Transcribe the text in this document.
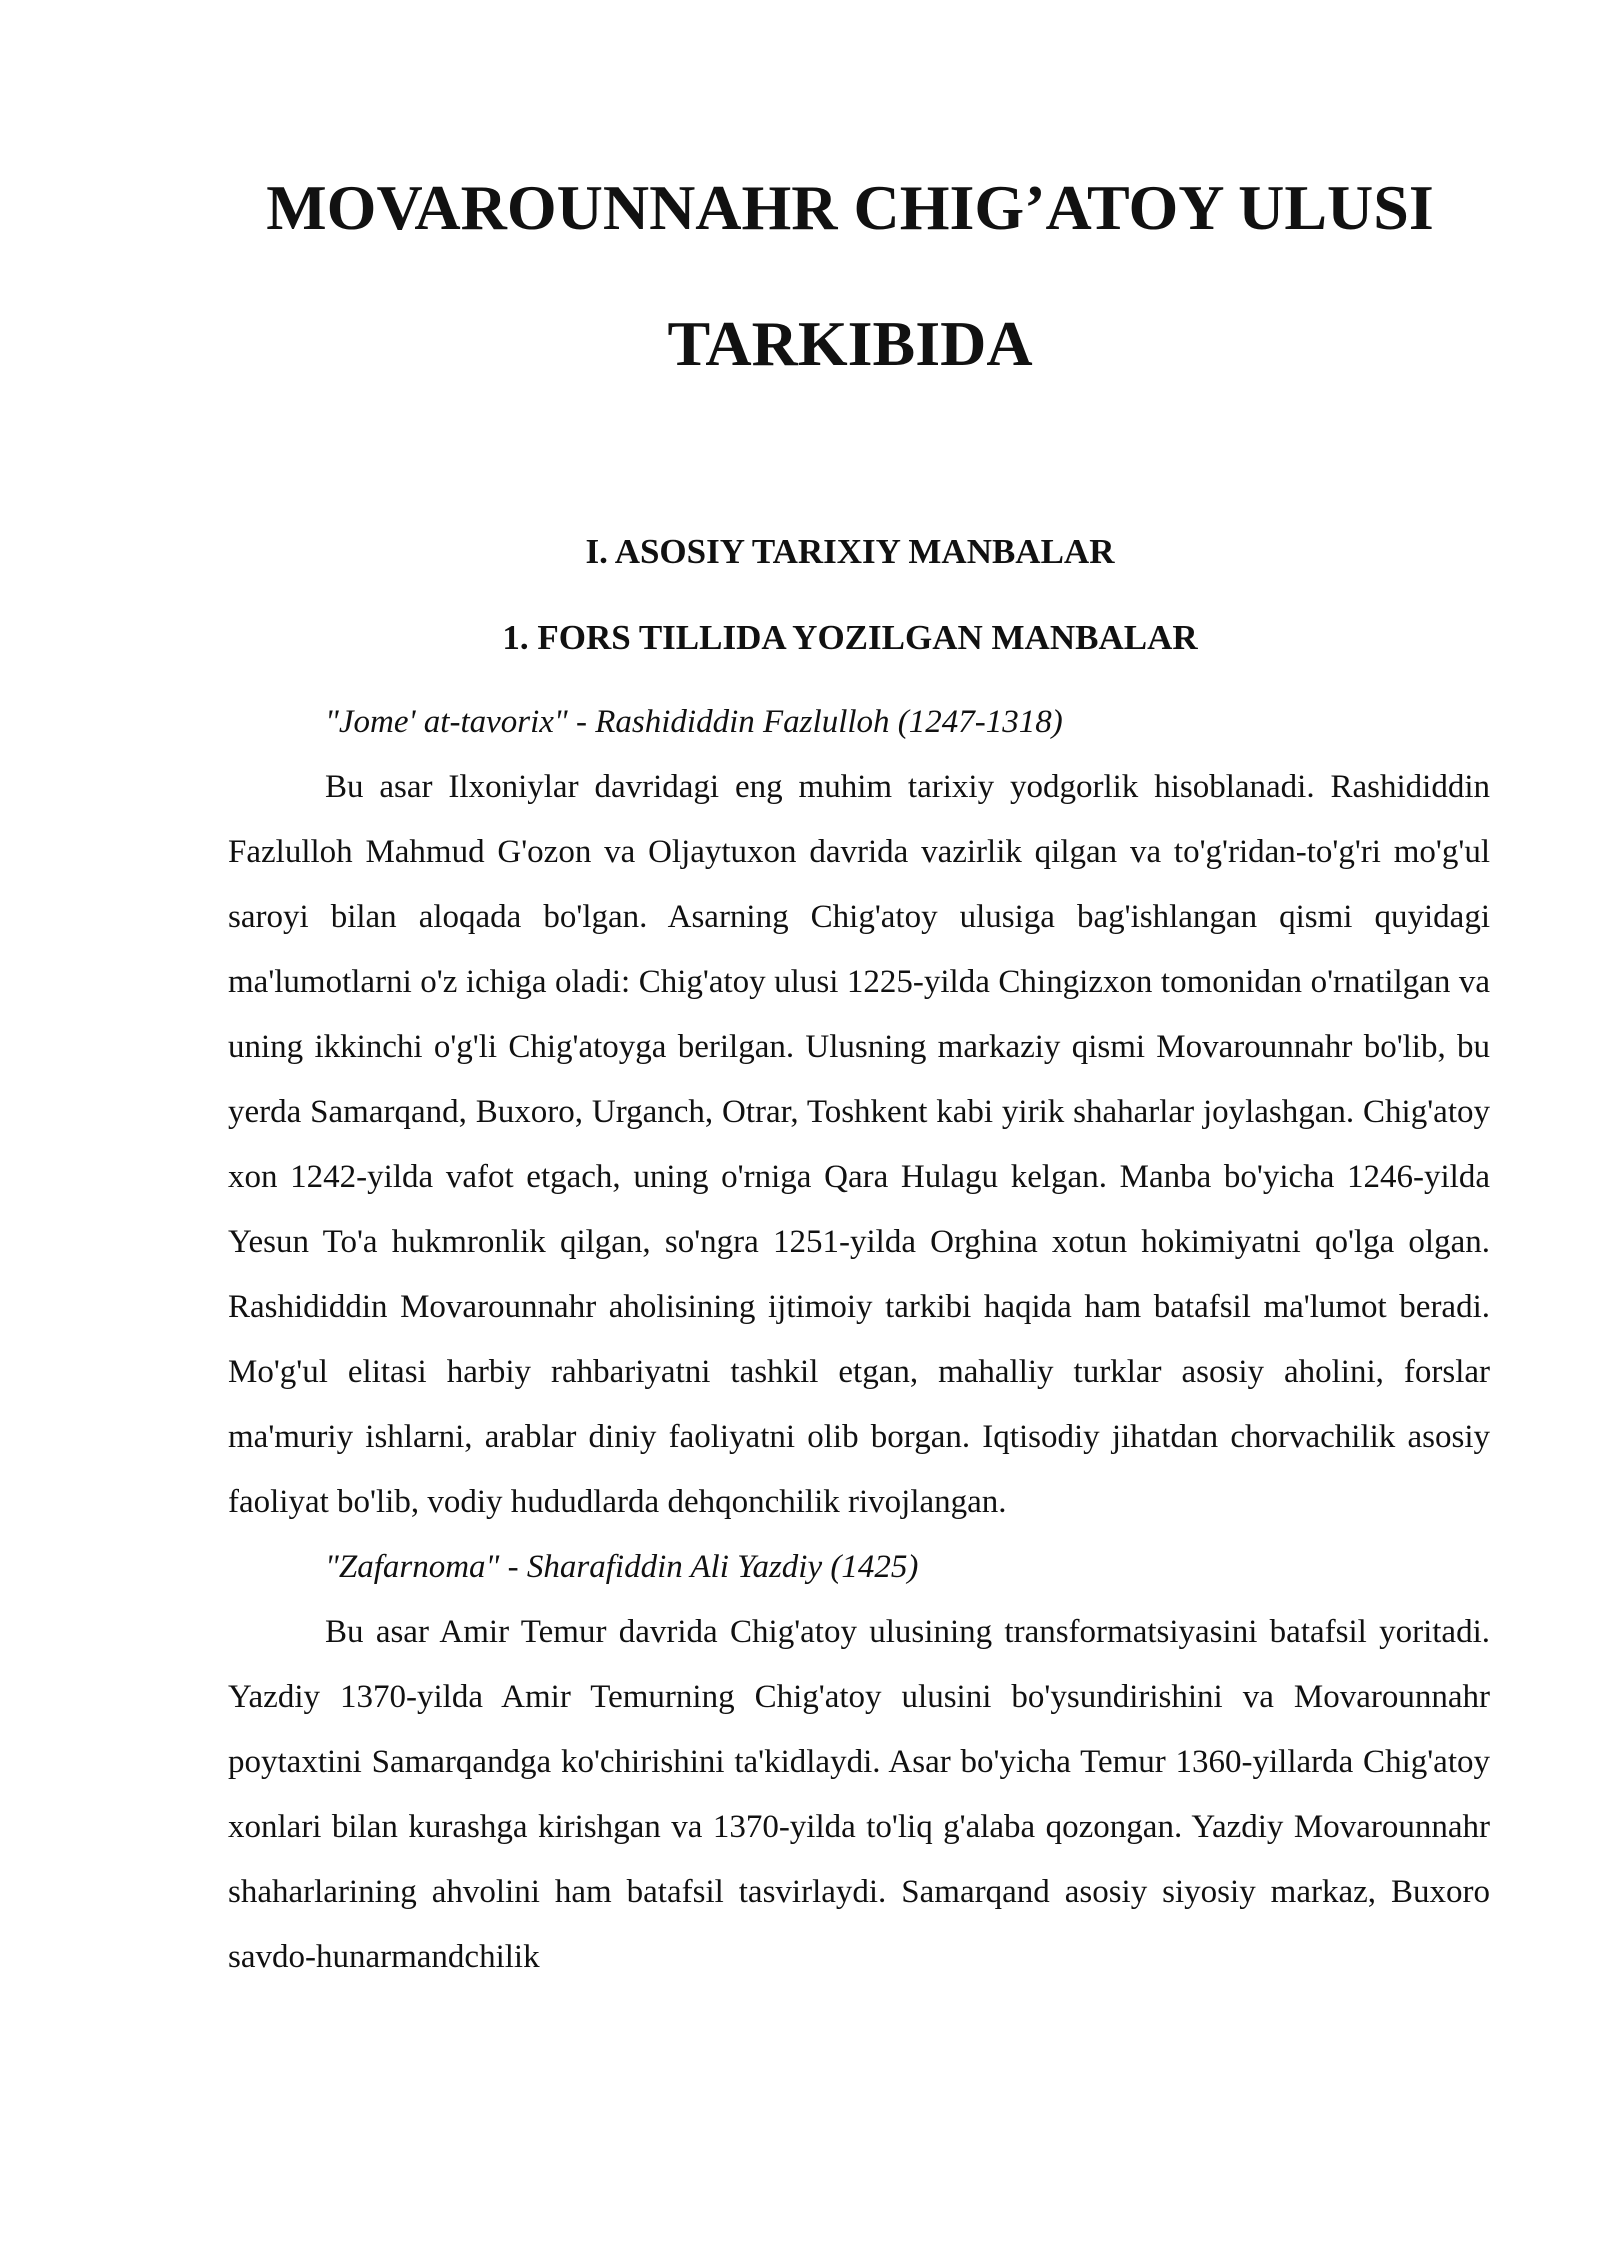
MOVAROUNNAHR CHIG’ATOY ULUSI
TARKIBIDA
I. ASOSIY TARIXIY MANBALAR
1. FORS TILLIDA YOZILGAN MANBALAR

"Jome' at-tavorix" - Rashididdin Fazlulloh (1247-1318)

Bu asar Ilxoniylar davridagi eng muhim tarixiy yodgorlik hisoblanadi. Rashididdin Fazlulloh Mahmud G'ozon va Oljaytuxon davrida vazirlik qilgan va to'g'ridan-to'g'ri mo'g'ul saroyi bilan aloqada bo'lgan. Asarning Chig'atoy ulusiga bag'ishlangan qismi quyidagi ma'lumotlarni o'z ichiga oladi: Chig'atoy ulusi 1225-yilda Chingizxon tomonidan o'rnatilgan va uning ikkinchi o'g'li Chig'atoyga berilgan. Ulusning markaziy qismi Movarounnahr bo'lib, bu yerda Samarqand, Buxoro, Urganch, Otrar, Toshkent kabi yirik shaharlar joylashgan. Chig'atoy xon 1242-yilda vafot etgach, uning o'rniga Qara Hulagu kelgan. Manba bo'yicha 1246-yilda Yesun To'a hukmronlik qilgan, so'ngra 1251-yilda Orghina xotun hokimiyatni qo'lga olgan. Rashididdin Movarounnahr aholisining ijtimoiy tarkibi haqida ham batafsil ma'lumot beradi. Mo'g'ul elitasi harbiy rahbariyatni tashkil etgan, mahalliy turklar asosiy aholini, forslar ma'muriy ishlarni, arablar diniy faoliyatni olib borgan. Iqtisodiy jihatdan chorvachilik asosiy faoliyat bo'lib, vodiy hududlarda dehqonchilik rivojlangan.

"Zafarnoma" - Sharafiddin Ali Yazdiy (1425)

Bu asar Amir Temur davrida Chig'atoy ulusining transformatsiyasini batafsil yoritadi. Yazdiy 1370-yilda Amir Temurning Chig'atoy ulusini bo'ysundirishini va Movarounnahr poytaxtini Samarqandga ko'chirishini ta'kidlaydi. Asar bo'yicha Temur 1360-yillarda Chig'atoy xonlari bilan kurashga kirishgan va 1370-yilda to'liq g'alaba qozongan. Yazdiy Movarounnahr shaharlarining ahvolini ham batafsil tasvirlaydi. Samarqand asosiy siyosiy markaz, Buxoro savdo-hunarmandchilik
